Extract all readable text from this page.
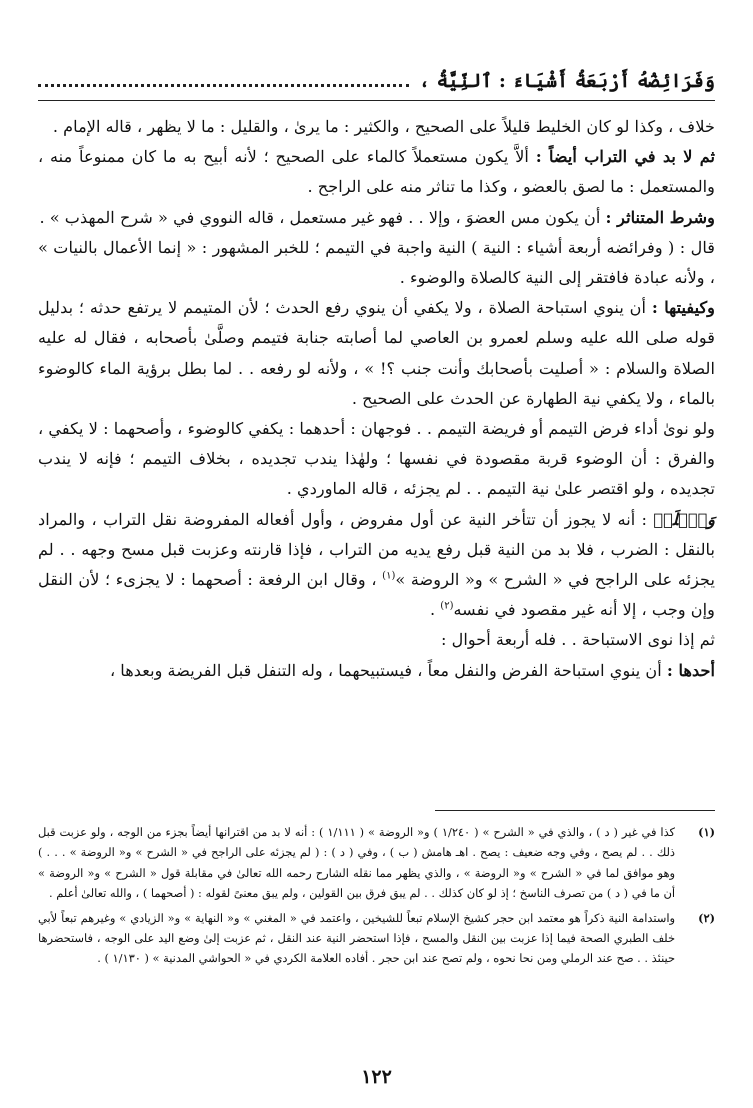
وَفَرَائِضُهُ أَرْبَعَةُ أَشْيَاءَ : ٱلنِّيَّةُ ،

خلاف ، وكذا لو كان الخليط قليلاً على الصحيح ، والكثير : ما يرىٰ ، والقليل : ما لا يظهر ، قاله الإمام .

ثم لا بد في التراب أيضاً : ألاَّ يكون مستعملاً كالماء على الصحيح ؛ لأنه أبيح به ما كان ممنوعاً منه ، والمستعمل : ما لصق بالعضو ، وكذا ما تناثر منه على الراجح .

وشرط المتناثر : أن يكون مس العضوَ ، وإلا . . فهو غير مستعمل ، قاله النووي في « شرح المهذب » .

قال : ( وفرائضه أربعة أشياء : النية ) النية واجبة في التيمم ؛ للخبر المشهور : « إنما الأعمال بالنيات » ، ولأنه عبادة فافتقر إلى النية كالصلاة والوضوء .

وكيفيتها : أن ينوي استباحة الصلاة ، ولا يكفي أن ينوي رفع الحدث ؛ لأن المتيمم لا يرتفع حدثه ؛ بدليل قوله صلى الله عليه وسلم لعمرو بن العاصي لما أصابته جنابة فتيمم وصلَّىٰ بأصحابه ، فقال له عليه الصلاة والسلام : « أصليت بأصحابك وأنت جنب ؟! » ، ولأنه لو رفعه . . لما بطل برؤية الماء كالوضوء بالماء ، ولا يكفي نية الطهارة عن الحدث على الصحيح .

ولو نوىٰ أداء فرض التيمم أو فريضة التيمم . . فوجهان : أحدهما : يكفي كالوضوء ، وأصحهما : لا يكفي ، والفرق : أن الوضوء قربة مقصودة في نفسها ؛ ولهٰذا يندب تجديده ، بخلاف التيمم ؛ فإنه لا يندب تجديده ، ولو اقتصر علىٰ نية التيمم . . لم يجزئه ، قاله الماوردي .

وَٱعۡلَمۡ : أنه لا يجوز أن تتأخر النية عن أول مفروض ، وأول أفعاله المفروضة نقل التراب ، والمراد بالنقل : الضرب ، فلا بد من النية قبل رفع يديه من التراب ، فإذا قارنته وعزبت قبل مسح وجهه . . لم يجزئه على الراجح في « الشرح » و« الروضة »$^{(١)}$ ، وقال ابن الرفعة : أصحهما : لا يجزىء ؛ لأن النقل وإن وجب ، إلا أنه غير مقصود في نفسه$^{(٢)}$ .

ثم إذا نوى الاستباحة . . فله أربعة أحوال :

أحدها : أن ينوي استباحة الفرض والنفل معاً ، فيستبيحهما ، وله التنفل قبل الفريضة وبعدها ،

(١)
كذا في غير ( د ) ، والذي في « الشرح » ( ١/٢٤٠ ) و« الروضة » ( ١/١١١ ) : أنه لا بد من اقترانها أيضاً بجزء من الوجه ، ولو عزبت قبل ذلك . . لم يصح ، وفي وجه ضعيف : يصح . اهـ هامش ( ب ) ، وفي ( د ) : ( لم يجزئه على الراجح في « الشرح » و« الروضة » . . . ) وهو موافق لما في « الشرح » و« الروضة » ، والذي يظهر مما نقله الشارح رحمه الله تعالىٰ في مقابلة قول « الشرح » و« الروضة » أن ما في ( د ) من تصرف الناسخ ؛ إذ لو كان كذلك . . لم يبق فرق بين القولين ، ولم يبق معنىً لقوله : ( أصحهما ) ، والله تعالىٰ أعلم .
(٢)
واستدامة النية ذكراً هو معتمد ابن حجر كشيخ الإسلام تبعاً للشيخين ، واعتمد في « المغني » و« النهاية » و« الزيادي » وغيرهم تبعاً لأبي خلف الطبري الصحة فيما إذا عزبت بين النقل والمسح ، فإذا استحضر النية عند النقل ، ثم عزبت إلىٰ وضع اليد على الوجه ، فاستحضرها حينئذ . . صح عند الرملي ومن نحا نحوه ، ولم تصح عند ابن حجر . أفاده العلامة الكردي في « الحواشي المدنية » ( ١/١٣٠ ) .
١٢٢
